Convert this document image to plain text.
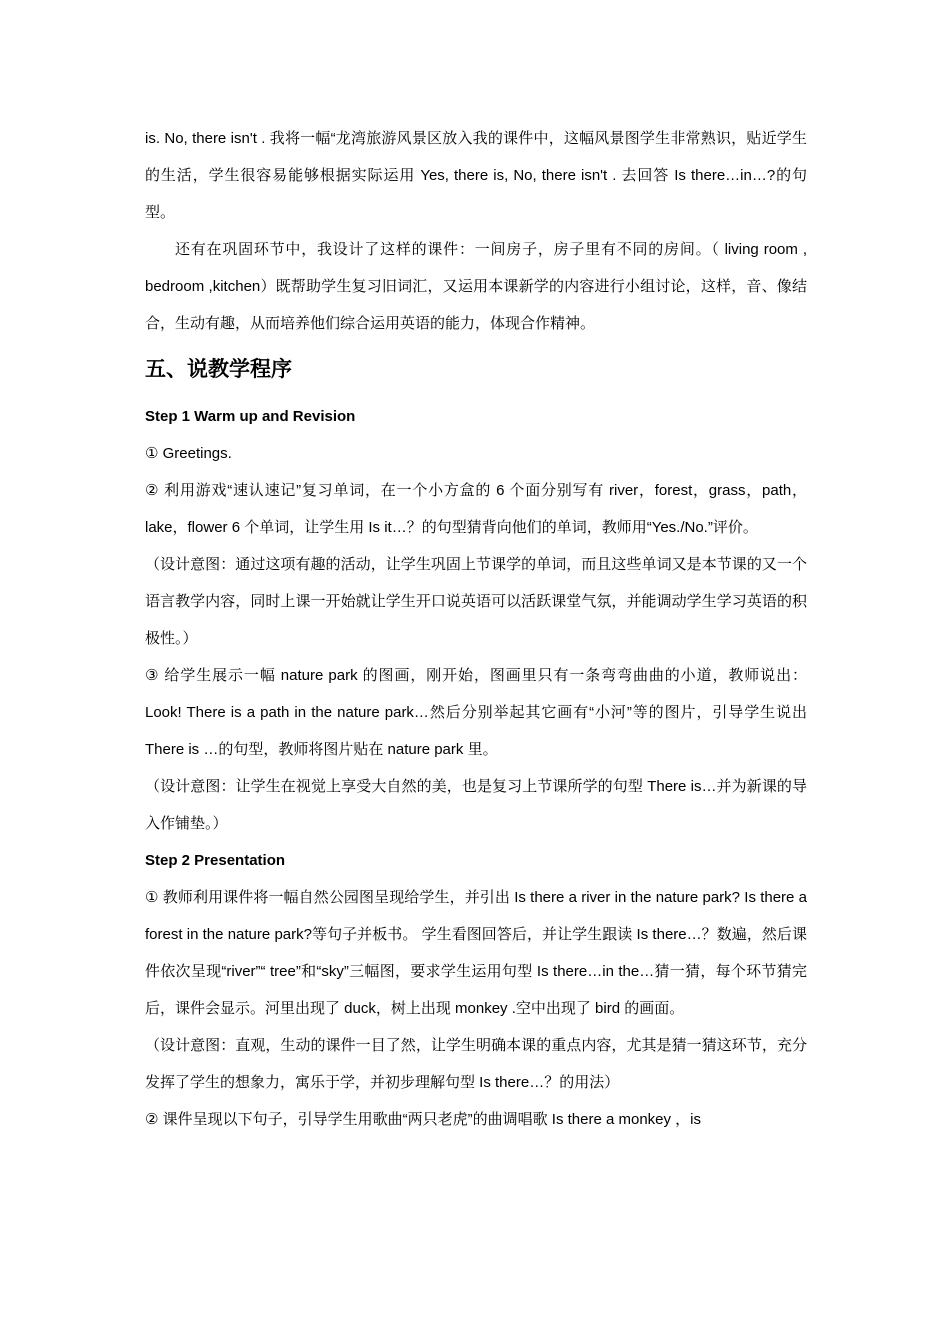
is. No, there isn't . 我将一幅“龙湾旅游风景区放入我的课件中，这幅风景图学生非常熟识，贴近学生的生活，学生很容易能够根据实际运用 Yes, there is, No, there isn't . 去回答 Is there…in…?的句型。

还有在巩固环节中，我设计了这样的课件：一间房子，房子里有不同的房间。（ living room , bedroom ,kitchen）既帮助学生复习旧词汇，又运用本课新学的内容进行小组讨论，这样，音、像结合，生动有趣，从而培养他们综合运用英语的能力，体现合作精神。

五、说教学程序
Step 1 Warm up and Revision

① Greetings.

② 利用游戏“速认速记”复习单词，在一个小方盒的 6 个面分别写有 river，forest，grass，path，lake，flower 6 个单词，让学生用 Is it…？的句型猜背向他们的单词，教师用“Yes./No.”评价。

（设计意图：通过这项有趣的活动，让学生巩固上节课学的单词，而且这些单词又是本节课的又一个语言教学内容，同时上课一开始就让学生开口说英语可以活跃课堂气氛，并能调动学生学习英语的积极性。）

③ 给学生展示一幅 nature park 的图画，刚开始，图画里只有一条弯弯曲曲的小道，教师说出：Look! There is a path in the nature park…然后分别举起其它画有“小河”等的图片，引导学生说出 There is …的句型，教师将图片贴在 nature park 里。

（设计意图：让学生在视觉上享受大自然的美，也是复习上节课所学的句型 There is…并为新课的导入作铺垫。）

Step 2 Presentation

① 教师利用课件将一幅自然公园图呈现给学生，并引出 Is there a river in the nature park? Is there a forest in the nature park?等句子并板书。 学生看图回答后，并让学生跟读 Is there…？数遍，然后课件依次呈现“river”“ tree”和“sky”三幅图，要求学生运用句型 Is there…in the…猜一猜，每个环节猜完后，课件会显示。河里出现了 duck，树上出现 monkey .空中出现了 bird 的画面。

（设计意图：直观，生动的课件一目了然，让学生明确本课的重点内容，尤其是猜一猜这环节，充分发挥了学生的想象力，寓乐于学，并初步理解句型 Is there…？的用法）

② 课件呈现以下句子，引导学生用歌曲“两只老虎”的曲调唱歌 Is there a monkey ，is
